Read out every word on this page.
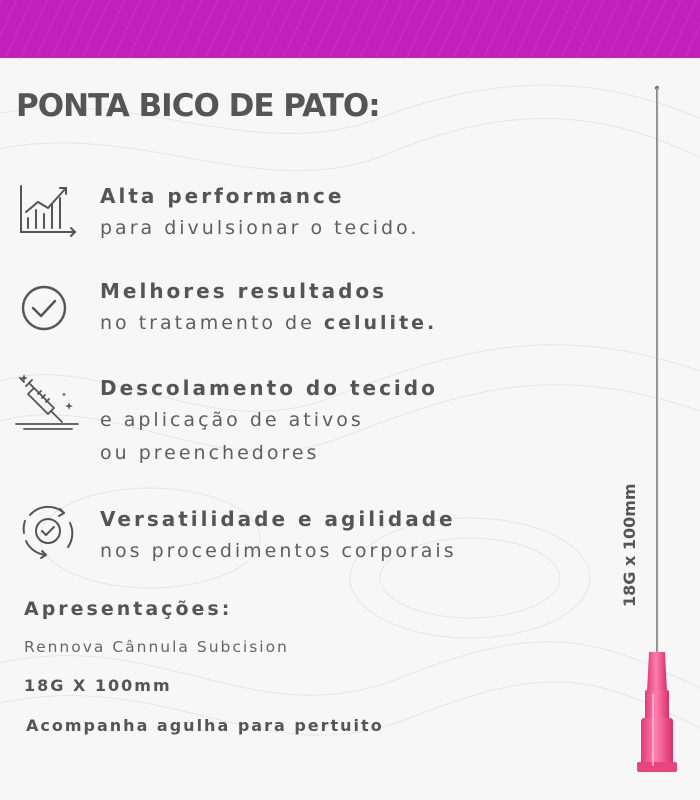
PONTA BICO DE PATO:
Alta performance
para divulsionar o tecido.
Melhores resultados
no tratamento de celulite.
Descolamento do tecido
e aplicação de ativos
ou preenchedores
Versatilidade e agilidade
nos procedimentos corporais
Apresentações:
Rennova Cânnula Subcision
18G X 100mm
Acompanha agulha para pertuito
18G x 100mm
